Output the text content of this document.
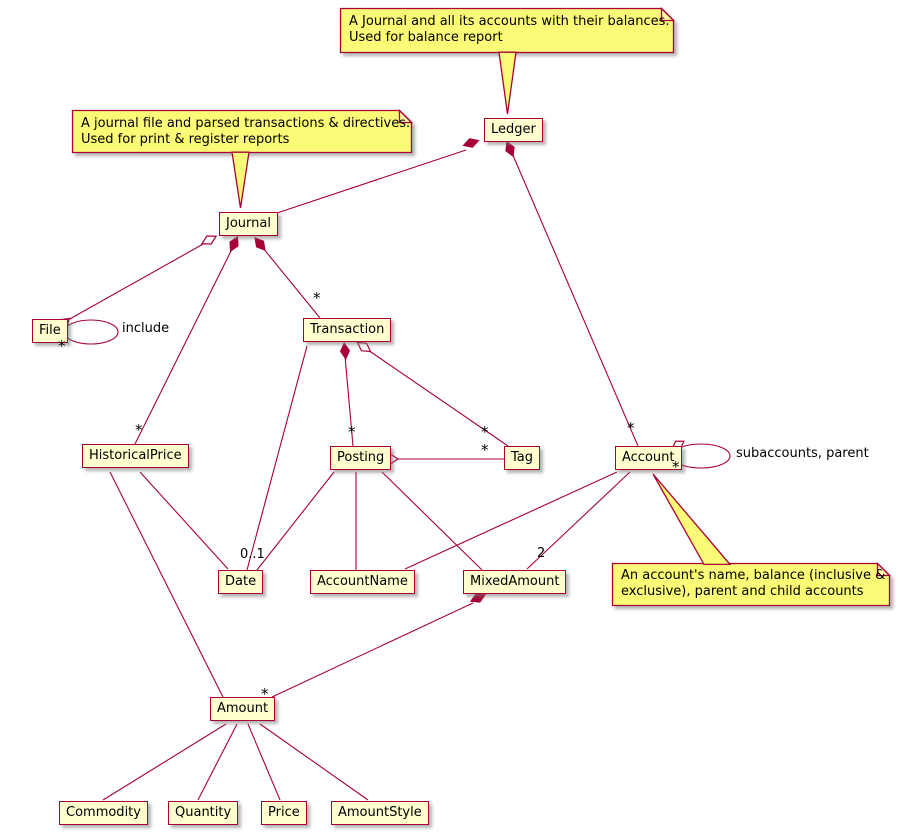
Ledger
Journal
File	Transaction
HistoricalPrice	Posting	Tag	Account
Date	AccountName	MixedAmount
Amount
Commodity	Quantity	Price	AmountStyle
A Journal and all its accounts with their balances.
Used for balance report
A journal file and parsed transactions & directives.
Used for print & register reports
An account's name, balance (inclusive &
exclusive), parent and child accounts
include
subaccounts, parent
*
*
*	*	*
*
*
*
*
0..1	2
